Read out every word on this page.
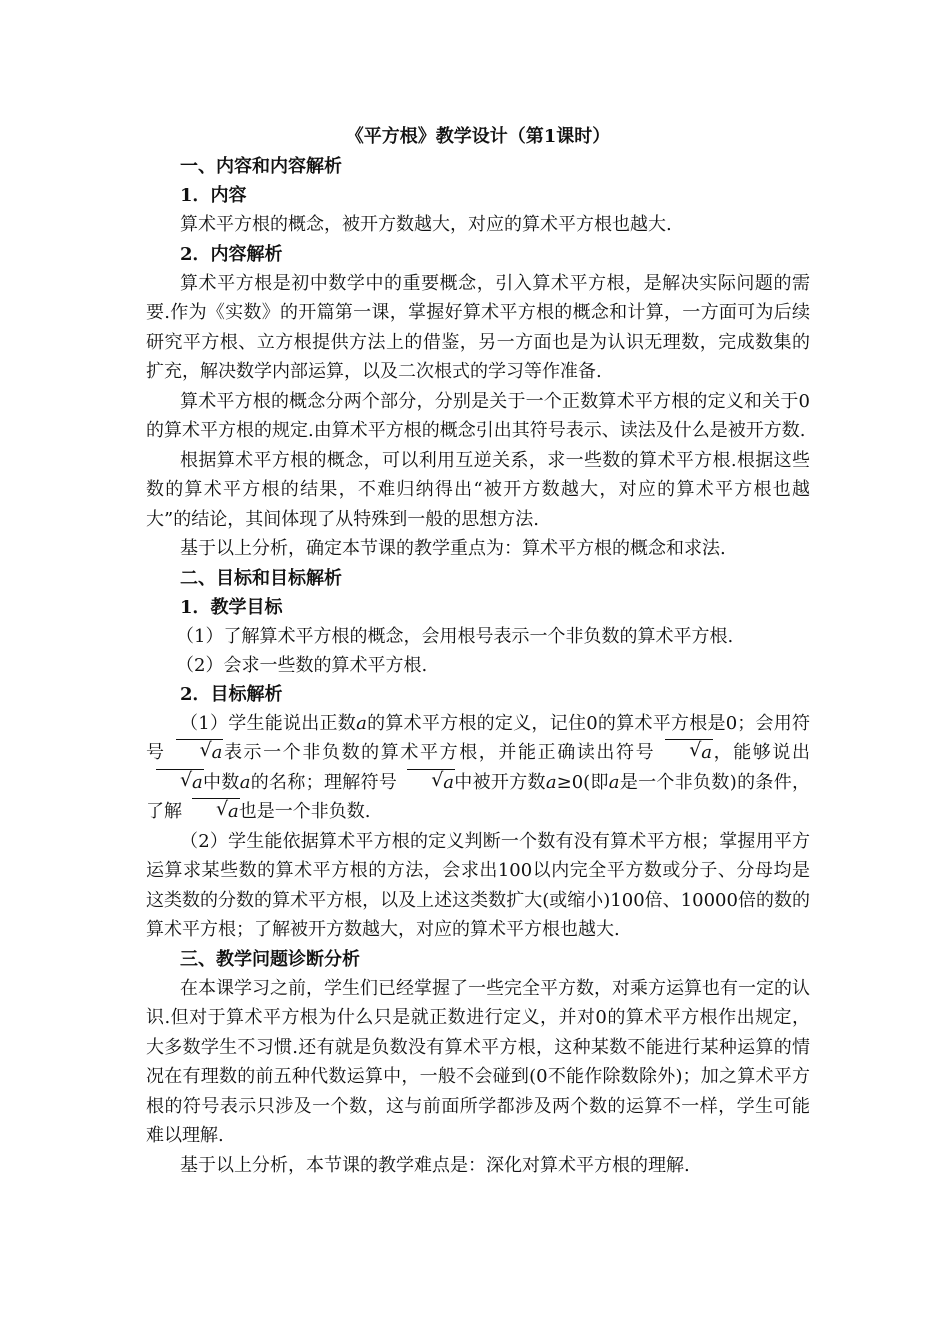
《平方根》教学设计（第1课时）

一、内容和内容解析

1．内容

算术平方根的概念，被开方数越大，对应的算术平方根也越大.

2．内容解析

算术平方根是初中数学中的重要概念，引入算术平方根，是解决实际问题的需要.作为《实数》的开篇第一课，掌握好算术平方根的概念和计算，一方面可为后续研究平方根、立方根提供方法上的借鉴，另一方面也是为认识无理数，完成数集的扩充，解决数学内部运算，以及二次根式的学习等作准备.

算术平方根的概念分两个部分，分别是关于一个正数算术平方根的定义和关于0的算术平方根的规定.由算术平方根的概念引出其符号表示、读法及什么是被开方数.

根据算术平方根的概念，可以利用互逆关系，求一些数的算术平方根.根据这些数的算术平方根的结果，不难归纳得出“被开方数越大，对应的算术平方根也越大”的结论，其间体现了从特殊到一般的思想方法.

基于以上分析，确定本节课的教学重点为：算术平方根的概念和求法.

二、目标和目标解析

1．教学目标

（1）了解算术平方根的概念，会用根号表示一个非负数的算术平方根.

（2）会求一些数的算术平方根.

2．目标解析

（1）学生能说出正数a的算术平方根的定义，记住0的算术平方根是0；会用符号	√ a表示一个非负数的算术平方根，并能正确读出符号	√ a，能够说出
√ a中数a的名称；理解符号	√ a中被开方数a≥0(即a是一个非负数)的条件，了解	√ a也是一个非负数.

（2）学生能依据算术平方根的定义判断一个数有没有算术平方根；掌握用平方运算求某些数的算术平方根的方法，会求出100以内完全平方数或分子、分母均是这类数的分数的算术平方根，以及上述这类数扩大(或缩小)100倍、10000倍的数的算术平方根；了解被开方数越大，对应的算术平方根也越大.

三、教学问题诊断分析

在本课学习之前，学生们已经掌握了一些完全平方数，对乘方运算也有一定的认识.但对于算术平方根为什么只是就正数进行定义，并对0的算术平方根作出规定，大多数学生不习惯.还有就是负数没有算术平方根，这种某数不能进行某种运算的情况在有理数的前五种代数运算中，一般不会碰到(0不能作除数除外)；加之算术平方根的符号表示只涉及一个数，这与前面所学都涉及两个数的运算不一样，学生可能难以理解.

基于以上分析，本节课的教学难点是：深化对算术平方根的理解.
